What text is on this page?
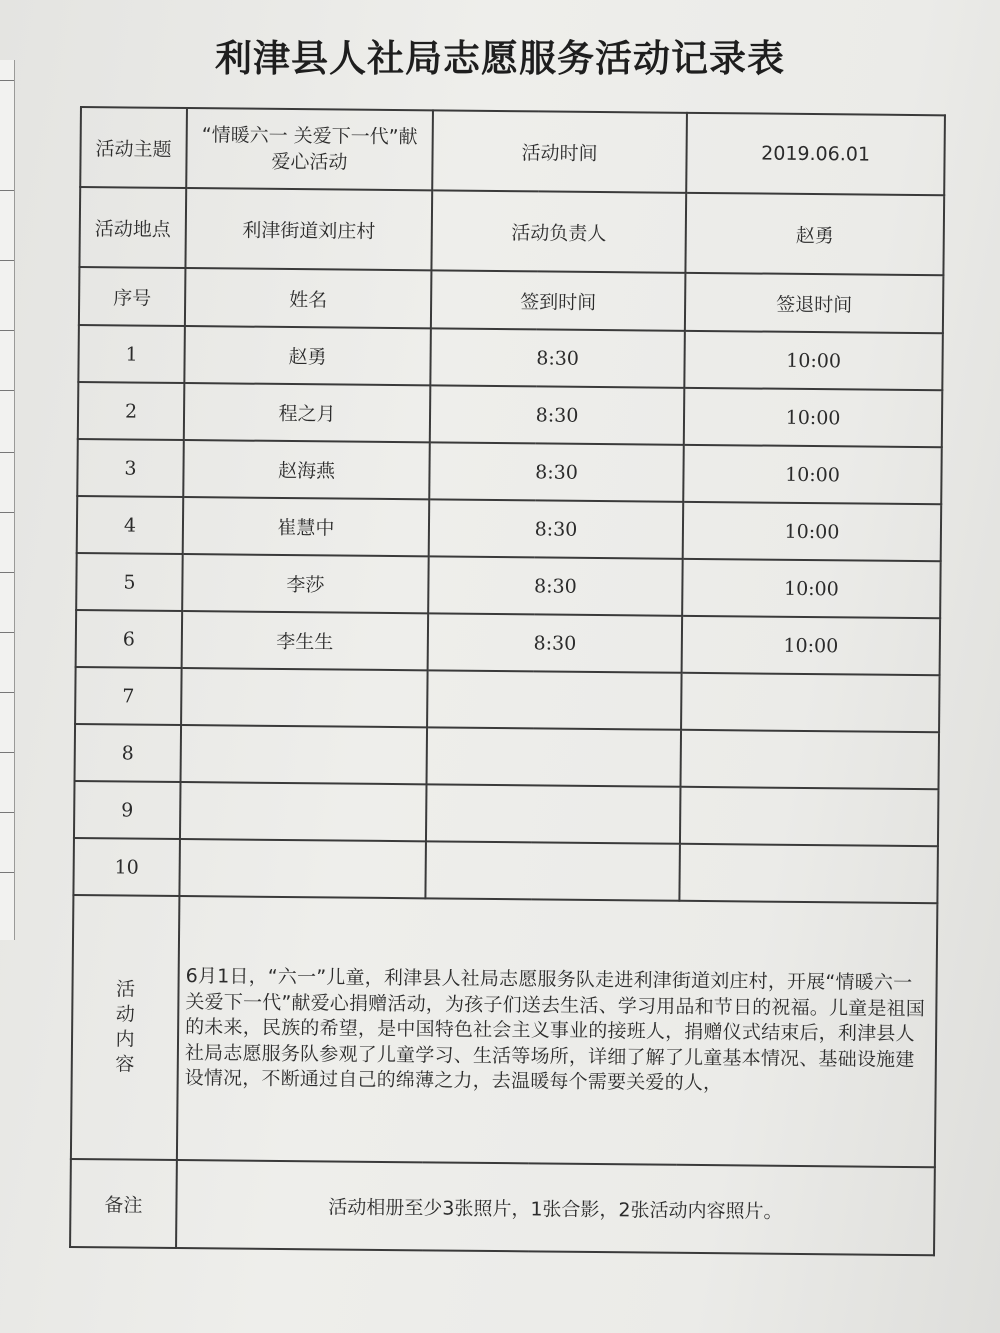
利津县人社局志愿服务活动记录表
活动主题	“情暖六一 关爱下一代”献爱心活动	活动时间	2019.06.01
活动地点	利津街道刘庄村	活动负责人	赵勇
序号	姓名	签到时间	签退时间
1	赵勇	8:30	10:00
2	程之月	8:30	10:00
3	赵海燕	8:30	10:00
4	崔慧中	8:30	10:00
5	李莎	8:30	10:00
6	李生生	8:30	10:00
7			
8			
9			
10			
活
动
内
容	6月1日，“六一”儿童，利津县人社局志愿服务队走进利津街道刘庄村，开展“情暖六一 关爱下一代”献爱心捐赠活动，为孩子们送去生活、学习用品和节日的祝福。儿童是祖国的未来，民族的希望，是中国特色社会主义事业的接班人，捐赠仪式结束后，利津县人社局志愿服务队参观了儿童学习、生活等场所，详细了解了儿童基本情况、基础设施建设情况，不断通过自己的绵薄之力，去温暖每个需要关爱的人，		
备注	活动相册至少3张照片，1张合影，2张活动内容照片。		
